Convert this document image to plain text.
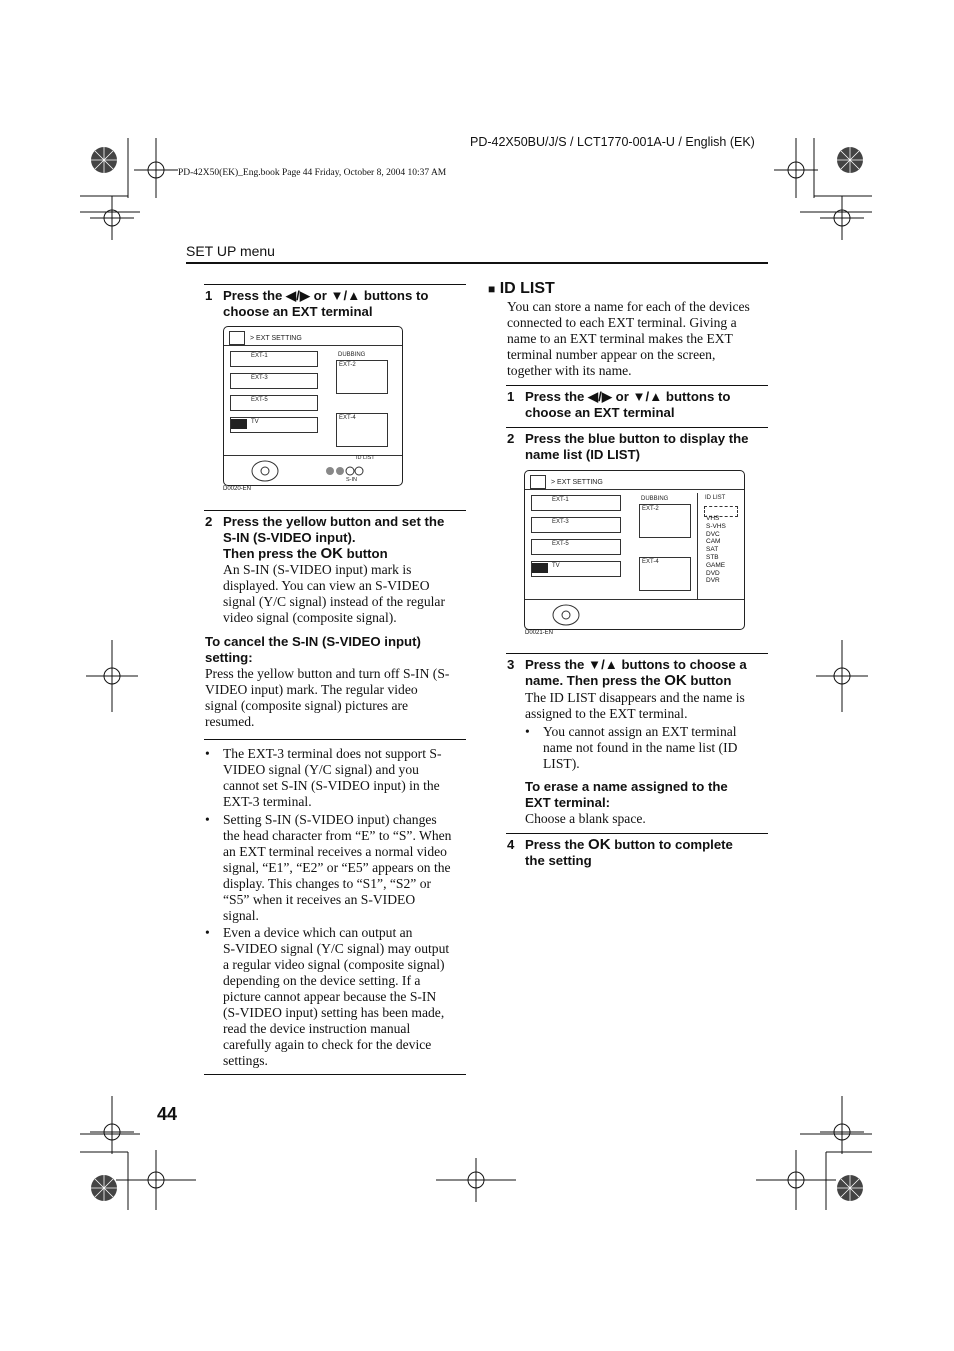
PD-42X50BU/J/S / LCT1770-001A-U / English (EK)
PD-42X50(EK)_Eng.book Page 44 Friday, October 8, 2004 10:37 AM
SET UP menu
44
1 Press the ◀/▶ or ▼/▲ buttons to
choose an EXT terminal
> EXT SETTING
EXT-1
EXT-3
EXT-5
TV
DUBBING
EXT-2
EXT-4
ID LIST
S-IN
D0020-EN
2 Press the yellow button and set the
S-IN (S-VIDEO input).
Then press the OK button
An S-IN (S-VIDEO input) mark is
displayed. You can view an S-VIDEO
signal (Y/C signal) instead of the regular
video signal (composite signal).
To cancel the S-IN (S-VIDEO input)
setting:
Press the yellow button and turn off S-IN (S-
VIDEO input) mark. The regular video
signal (composite signal) pictures are
resumed.
• The EXT-3 terminal does not support S-
VIDEO signal (Y/C signal) and you
cannot set S-IN (S-VIDEO input) in the
EXT-3 terminal.
• Setting S-IN (S-VIDEO input) changes
the head character from “E” to “S”. When
an EXT terminal receives a normal video
signal, “E1”, “E2” or “E5” appears on the
display. This changes to “S1”, “S2” or
“S5” when it receives an S-VIDEO
signal.
• Even a device which can output an
S-VIDEO signal (Y/C signal) may output
a regular video signal (composite signal)
depending on the device setting. If a
picture cannot appear because the S-IN
(S-VIDEO input) setting has been made,
read the device instruction manual
carefully again to check for the device
settings.
■ ID LIST
You can store a name for each of the devices
connected to each EXT terminal. Giving a
name to an EXT terminal makes the EXT
terminal number appear on the screen,
together with its name.
1 Press the ◀/▶ or ▼/▲ buttons to
choose an EXT terminal
2 Press the blue button to display the
name list (ID LIST)
> EXT SETTING
EXT-1
EXT-3
EXT-5
TV
DUBBING
EXT-2
EXT-4
ID LIST
VHS
S-VHS
DVC
CAM
SAT
STB
GAME
DVD
DVR
D0021-EN
3 Press the ▼/▲ buttons to choose a
name. Then press the OK button
The ID LIST disappears and the name is
assigned to the EXT terminal.
• You cannot assign an EXT terminal
name not found in the name list (ID
LIST).
To erase a name assigned to the
EXT terminal:
Choose a blank space.
4 Press the OK button to complete
the setting
